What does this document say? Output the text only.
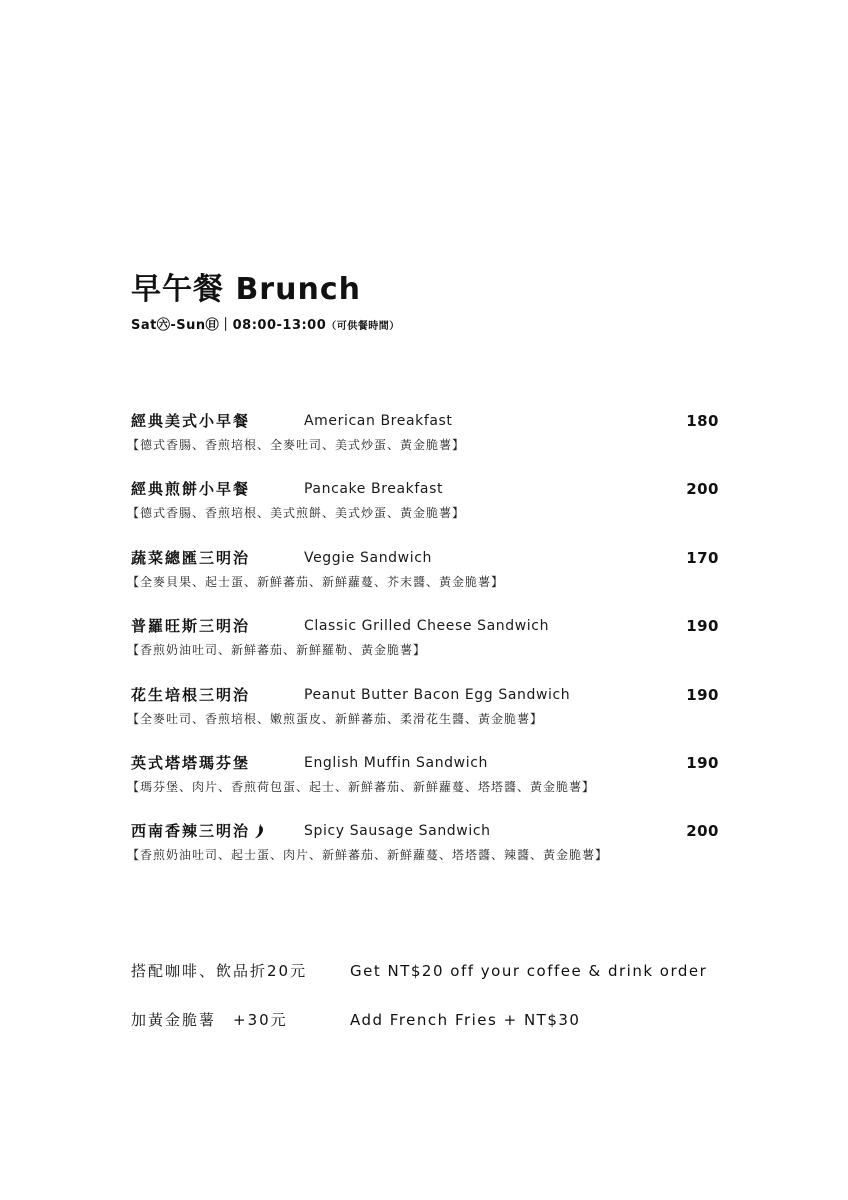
早午餐 Brunch
Sat㊅-Sun㊐｜08:00-13:00（可供餐時間）
經典美式小早餐	American Breakfast	180
【德式香腸、香煎培根、全麥吐司、美式炒蛋、黃金脆薯】
經典煎餅小早餐	Pancake Breakfast	200
【德式香腸、香煎培根、美式煎餅、美式炒蛋、黃金脆薯】
蔬菜總匯三明治	Veggie Sandwich	170
【全麥貝果、起士蛋、新鮮蕃茄、新鮮蘿蔓、芥末醬、黃金脆薯】
普羅旺斯三明治	Classic Grilled Cheese Sandwich	190
【香煎奶油吐司、新鮮蕃茄、新鮮羅勒、黃金脆薯】
花生培根三明治	Peanut Butter Bacon Egg Sandwich	190
【全麥吐司、香煎培根、嫩煎蛋皮、新鮮蕃茄、柔滑花生醬、黃金脆薯】
英式塔塔瑪芬堡	English Muffin Sandwich	190
【瑪芬堡、肉片、香煎荷包蛋、起士、新鮮蕃茄、新鮮蘿蔓、塔塔醬、黃金脆薯】
西南香辣三明治	Spicy Sausage Sandwich	200
【香煎奶油吐司、起士蛋、肉片、新鮮蕃茄、新鮮蘿蔓、塔塔醬、辣醬、黃金脆薯】
搭配咖啡、飲品折20元	Get NT$20 off your coffee & drink order
加黃金脆薯　+30元	Add French Fries + NT$30
